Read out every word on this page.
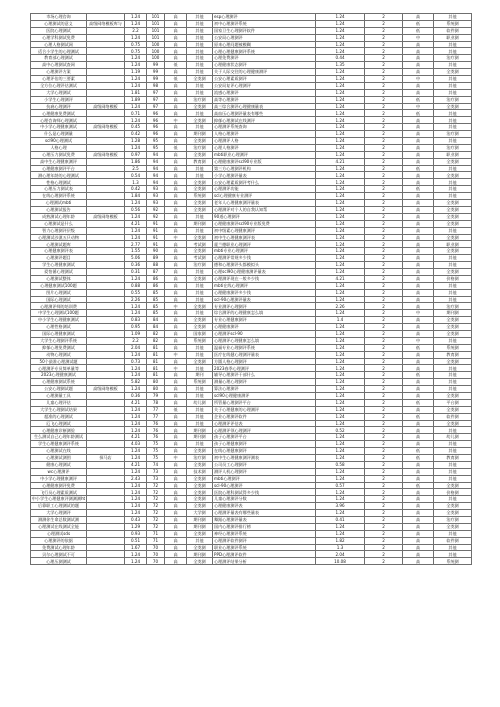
市场心理咨询		1.24	101	高	其他	esp心理测评	1.24	2	高	其他
心理测试的意义	高级网络模板库与	1.24	101	高	其他	初中心理测评系统	1.24	2	低	系统测
医院心理测试		2.2	101	高	其他	国家卫生心理测评软件	1.24	2	低	软件测
心理学科测试免费		1.24	101	高	其他	公安局心理测评	1.24	2	中	职业测
心理人格测试网		0.75	100	高	其他	原来心理问题被模糊	1.24	2	高	其他
适合小学生的心理测试		0.75	100	高	其他	心理心理健康测评系统	1.24	2	高	其他
教育部心理测试		1.24	100	高	其他	心理免费测评	0.44	2	高	治疗测
高中心理测试查网		1.24	99	低	其他	心理健康状态测评	1.35	2	高	其他
心理测评方案		1.19	99	高	其他	关于人际交往的心理健康测评	1.24	2	高	全类测
心理评估的三要素		1.24	99	低	全类测	公安心理素质测评	1.24	2	中	其他
全方位心理评估测试		1.24	98	高	其他	公安局复评心理测评	1.24	2	高	其他
大学心理测试		1.81	97	高	其他	流感心理测评	1.24	2	高	其他
小学生心理测评		1.89	97	高	治疗测	高等心理测评	1.24	2	低	治疗测
抗衰心理测评	高级网络模板	1.24	97	高	全类测	高三综合测评心理健康量表	1.24	2	中	全类测
心理健康免费测试		0.71	96	高	其他	高血压心理测评量表有哪些	1.24	2	低	其他
心理咨询师心理测试		1.24	96	中	全类测	抑郁心理测试在线测评	1.24	2	高	其他
中小学心理健康测试	高级网络模板	0.45	96	高	其他	心理测评系统查询	1.24	2	高	其他
什么是心理测量		0.42	96	高	期刊测	人格心理测评	1.24	2	高	治疗测
scl90心理测试		1.28	95	高	全类测	心理测评人格	1.24	2	高	其他
人格心理		1.24	95	低	治疗测	心理人格测评	1.24	2	高	治疗测
心理压力测试免费	高级网络模板	0.97	94	高	全类测	mbti职业心理测评	1.24	2	高	职业测
高中生心理健康测评		1.86	94	高	教育测	心理健康测评scl90专业版	4.21	2	高	全类测
心理健康测评平台		2.5	94	高	其他	第三方心理测评机构	1.24	2	低	其他
测心理年龄的心理测试		0.54	94	高	其他	小学心理测评量表	1.24	2	高	全类测
性格心理测试		1.3	94	高	全类测	公安心理素质测评考什么	1.24	2	高	其他
心理压力测试表		0.42	93	高	全类测	心理测评功能	1.24	2	低	其他
在线心理测评系统		1.84	93	高	系统测	scl心理健康专业测评	1.24	2	高	其他
心理测试mbti		1.24	93	高	全类测	老年人心理健康测评量表	1.24	2	高	全类测
心理测试报告		0.56	92	高	全类测	心理测评对个人的自我认知帮	1.24	2	高	全类测
成熟测试心理年龄	高级网络模板	1.24	92	高	其他	90道心理测评	1.24	2	高	全类测
心理测试是什么		4.21	91	高	期刊测	心理健康测评scl90专业版免费	1.24	2	高	全类测
智力心理测评层级		1.24	91	高	其他	初中级素心理健康测评	1.24	2	高	其他
心理测试沙漠五只动物		1.24	91	中	全类测	初中生心理健康测评表	1.24	2	高	全类测
心理测试题库		2.77	91	高	考试测	霍兰德职业心理测评	1.24	2	高	职业测
心理健康测评表		1.55	90	高	全类测	mbti专业心理测评	1.24	2	高	全类测
心理测评题目		5.06	89	高	考试测	心理测评常规多少钱	1.24	2	高	其他
学生心理健康测试		0.36	88	高	治疗测	德和心理测评头都模拟头	1.24	2	高	其他
爱怕循心理测试		0.31	87	高	其他	心理scl90心理健康测评量表	1.24	2	高	全类测
心理测试整体		1.24	86	高	全类测	心理测评现在一般多少钱	4.21	2	高	价格测
心理健康测试100题		0.88	86	高	其他	mbti在线心理测评	1.24	2	高	其他
图片心理测试		0.55	85	高	其他	心理健康测评多少钱	1.24	2	高	其他
国际心理测试		2.26	85	高	其他	scl-90心理测评量表	1.24	2	高	其他
心理测评师的培训费		1.24	85	中	全类测	专业测评心理测评	2.26	2	高	治疗测
中学生心理测试100题		1.24	85	高	其他	综合测评的心理健康怎么填	1.24	2	中	期刊测
中小学生心理健康测试		0.83	84	高	全类测	专业心理健康测评	1.4	2	高	全类测
心理性格测试		0.95	84	高	全类测	心理健康测评	1.24	2	高	全类测
国际心理健康测试		1.09	82	高	国家测	心理测评scl-90	1.24	2	高	全类测
大学生心理测评系统		2.2	82	高	系统测	心理测评心理健康怎么填	1.24	2	中	其他
抑郁心理免费测试		2.04	81	高	其他	温福专业心理测评系统	1.24	2	低	系统测
动物心理测试		1.24	81	中	其他	医疗在线健心理测评量表	1.24	2	高	教育测
50个最准心理测试题		0.73	81	高	全类测	方圆人格心理测评	1.24	2	高	全类测
心理测评专员简单量等		1.24	81	中	其他	2023春季心理测评	1.24	2	高	其他
2023心理健康测试		1.24	81	高	期刊	辅导心理测评干部什么	1.24	2	低	其他
心理健康测试系统		5.82	80	高	系统测	测量心理心理测评	1.24	2	高	其他
公安心理测试题	高级网络模板	1.24	80	高	其他	算法心理测评	1.24	2	高	其他
心理测量工具		0.36	79	高	其他	scl90心理健康测评	1.24	2	高	全类测
儿童心理评估		4.21	78	高	幼儿测	所管量心理测评平台	1.24	2	低	平台测
大学生心理测试结果		1.24	77	低	其他	关于心理健康的心理测评	1.24	2	高	全类测
超准的心理测试		1.24	77	高	其他	企业心理测评软件	1.24	2	低	软件测
厄飞心理测试		1.24	76	高	其他	心理测评评估表	1.24	2	高	全类测
心理健康诊断测验		1.24	76	高	期刊测	心理测评领心理测评	0.52	2	高	其他
生么测试自己心理年龄测试		4.21	76	高	期刊测	孩子心理测评平台	1.24	2	高	幼儿测
学生心理健康测评系统		4.03	75	高	其他	孩子心理健康测评	1.24	2	高	其他
心理测试在线		1.24	75	高	全类测	在线心理健康测评	1.24	2	低	其他
心理测试测图	探马店	1.24	75	中	治疗测	初中生心理健康测评测表	1.24	2	低	教育测
健康心理测试		4.21	74	高	全类测	公司员工心理测评	0.58	2	高	其他
wc心理测评		1.24	73	高	技术测	测评人机心理测评	1.24	2	高	其他
中小学心理健康测评		2.43	73	高	全类测	mbti心理测评	1.24	2	高	其他
心理健康测评免费		1.24	72	高	全类测	scl-90心理测评	0.57	2	低	全类测
飞行员心理素质测试		1.24	72	高	全类测	医院心理科测试得多少钱	1.24	2	高	价格测
中小学生心理健康评测测测ht		1.24	72	高	全类测	儿童心理测评分数	1.24	2	高	其他
后靠职工心理测试的题		1.24	72	高	全类测	心理健康测评表	3.96	2	高	全类测
大学心理测评		1.24	72	高	大学测	心理测评量表有哪些量表	1.24	2	高	全类测
测测你生命总数测试测		0.43	72	高	期刊测	舞蹈心理测评量表	0.41	2	高	治疗测
心理测试在线测试全能		1.29	72	高	期刊测	国内心理测评排行榜	1.24	2	高	全类测
心理测试sds		0.93	71	高	全类测	神经心理测评系统	1.24	2	高	其他
心理测评的依据		0.51	71	高	其他	心理测评软件测评	1.82	2	高	软件测
免费测试心理年龄		1.67	70	高	全类测	职业心理测评系统	1.3	2	高	其他
贝尔心理测试不可		1.24	70	高	期刊测	PPD心理测评软件	2.04	2	高	其他
心理压测测试		1.24	70	高	全类测	心理测评结果分析	10.08	2	高	系统测
